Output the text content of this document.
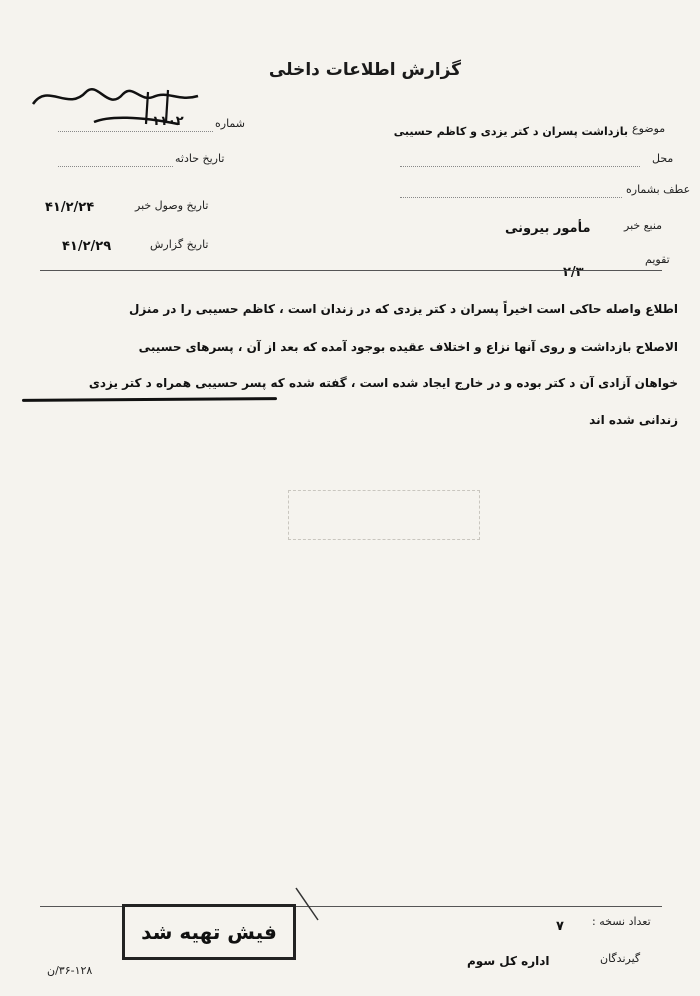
گزارش اطلاعات داخلی
شماره
۱۱۰۲
تاریخ حادثه
تاریخ وصول خبر
۴۱/۲/۲۴
تاریخ گزارش
۴۱/۲/۲۹
موضوع
بازداشت پسران د کتر یزدی و کاظم حسیبی
محل
عطف بشماره
منبع خبر
مأمور بیرونی
تقویم
۲/۳
اطلاع واصله حاکی است اخیراً پسران د کتر یزدی که در زندان است ، کاظم حسیبی را در منزل
الاصلاح بازداشت و روی آنها نزاع و اختلاف عقیده بوجود آمده که بعد از آن ، پسرهای حسیبی
خواهان آزادی آن د کتر بوده و در خارج ایجاد شده است ، گفته شده که پسر حسیبی همراه د کتر یزدی
زندانی شده اند
فیش تهیه شد	تعداد نسخه :
۷
گیرندگان
اداره کل سوم
۳۶-۱۲۸/ن
